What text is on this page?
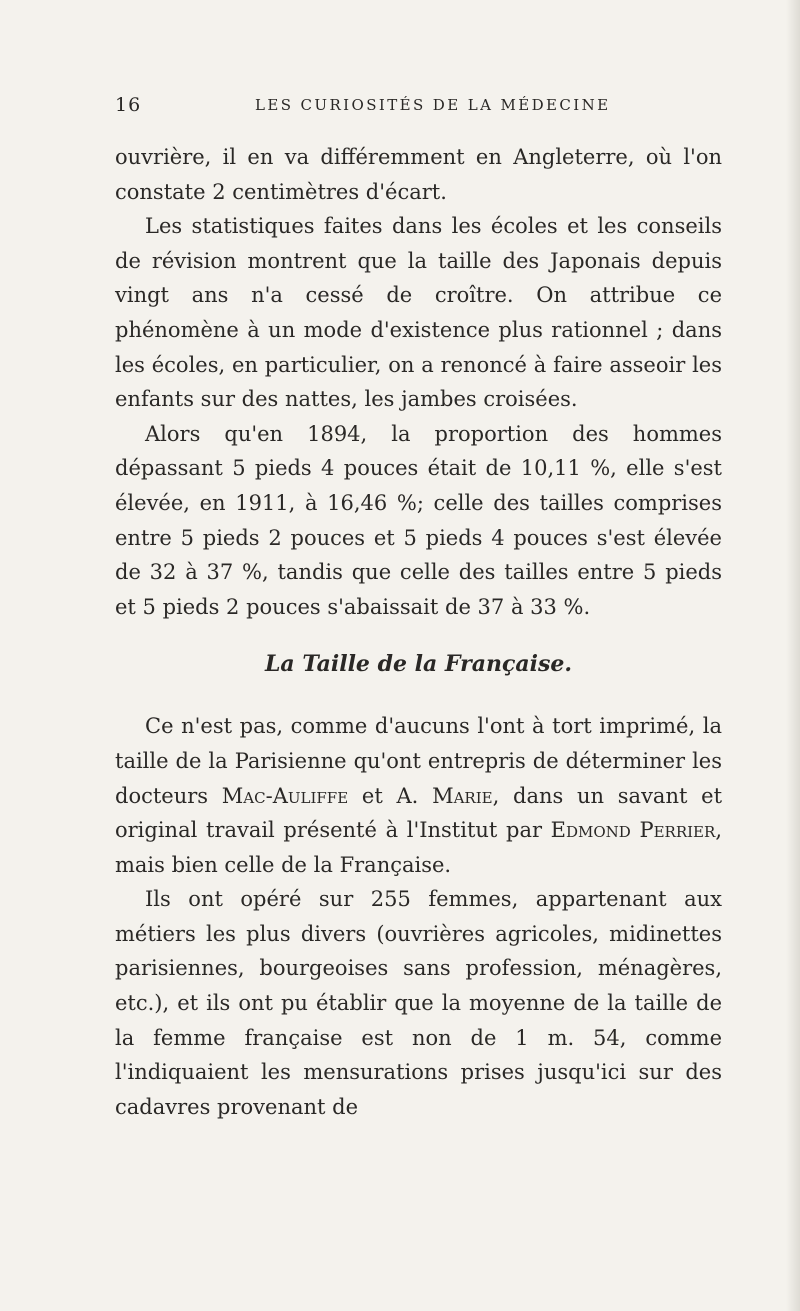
16	LES CURIOSITÉS DE LA MÉDECINE

ouvrière, il en va différemment en Angleterre, où l'on constate 2 centimètres d'écart.

Les statistiques faites dans les écoles et les conseils de révision montrent que la taille des Japonais depuis vingt ans n'a cessé de croître. On attribue ce phénomène à un mode d'existence plus rationnel ; dans les écoles, en particulier, on a renoncé à faire asseoir les enfants sur des nattes, les jambes croisées.

Alors qu'en 1894, la proportion des hommes dépassant 5 pieds 4 pouces était de 10,11 %, elle s'est élevée, en 1911, à 16,46 %; celle des tailles comprises entre 5 pieds 2 pouces et 5 pieds 4 pouces s'est élevée de 32 à 37 %, tandis que celle des tailles entre 5 pieds et 5 pieds 2 pouces s'abaissait de 37 à 33 %.

La Taille de la Française.

Ce n'est pas, comme d'aucuns l'ont à tort imprimé, la taille de la Parisienne qu'ont entrepris de déterminer les docteurs Mac-Auliffe et A. Marie, dans un savant et original travail présenté à l'Institut par Edmond Perrier, mais bien celle de la Française.

Ils ont opéré sur 255 femmes, appartenant aux métiers les plus divers (ouvrières agricoles, midinettes parisiennes, bourgeoises sans profession, ménagères, etc.), et ils ont pu établir que la moyenne de la taille de la femme française est non de 1 m. 54, comme l'indiquaient les mensurations prises jusqu'ici sur des cadavres provenant de
